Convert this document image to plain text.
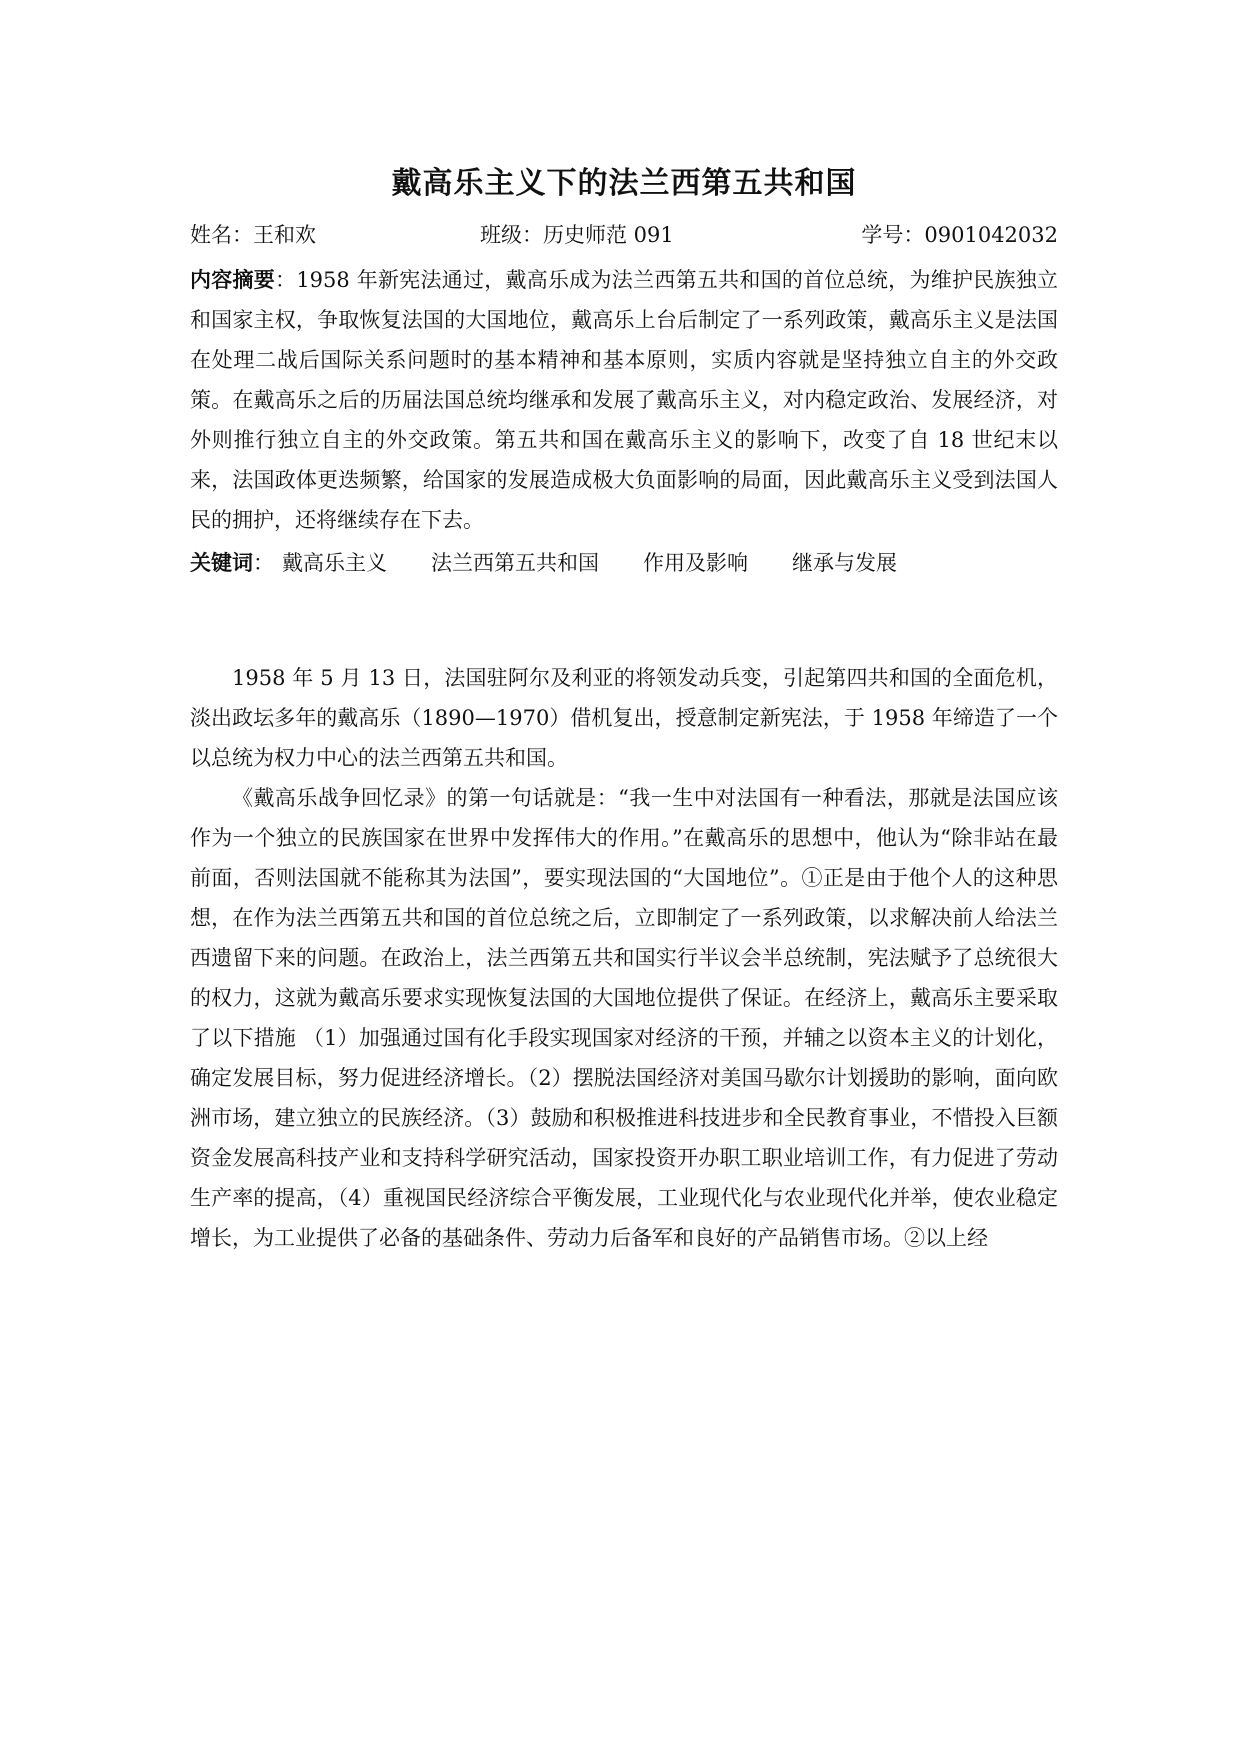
戴高乐主义下的法兰西第五共和国
姓名：王和欢	班级：历史师范 091	学号：0901042032

内容摘要：1958 年新宪法通过，戴高乐成为法兰西第五共和国的首位总统，为维护民族独立和国家主权，争取恢复法国的大国地位，戴高乐上台后制定了一系列政策，戴高乐主义是法国在处理二战后国际关系问题时的基本精神和基本原则，实质内容就是坚持独立自主的外交政策。在戴高乐之后的历届法国总统均继承和发展了戴高乐主义，对内稳定政治、发展经济，对外则推行独立自主的外交政策。第五共和国在戴高乐主义的影响下，改变了自 18 世纪末以来，法国政体更迭频繁，给国家的发展造成极大负面影响的局面，因此戴高乐主义受到法国人民的拥护，还将继续存在下去。

关键词： 戴高乐主义 法兰西第五共和国 作用及影响 继承与发展

1958 年 5 月 13 日，法国驻阿尔及利亚的将领发动兵变，引起第四共和国的全面危机，淡出政坛多年的戴高乐（1890—1970）借机复出，授意制定新宪法，于 1958 年缔造了一个以总统为权力中心的法兰西第五共和国。

《戴高乐战争回忆录》的第一句话就是：“我一生中对法国有一种看法，那就是法国应该作为一个独立的民族国家在世界中发挥伟大的作用。”在戴高乐的思想中，他认为“除非站在最前面，否则法国就不能称其为法国”，要实现法国的“大国地位”。①正是由于他个人的这种思想，在作为法兰西第五共和国的首位总统之后，立即制定了一系列政策，以求解决前人给法兰西遗留下来的问题。在政治上，法兰西第五共和国实行半议会半总统制，宪法赋予了总统很大的权力，这就为戴高乐要求实现恢复法国的大国地位提供了保证。在经济上，戴高乐主要采取了以下措施 （1）加强通过国有化手段实现国家对经济的干预，并辅之以资本主义的计划化，确定发展目标，努力促进经济增长。（2）摆脱法国经济对美国马歇尔计划援助的影响，面向欧洲市场，建立独立的民族经济。（3）鼓励和积极推进科技进步和全民教育事业，不惜投入巨额资金发展高科技产业和支持科学研究活动，国家投资开办职工职业培训工作，有力促进了劳动生产率的提高，（4）重视国民经济综合平衡发展，工业现代化与农业现代化并举，使农业稳定增长，为工业提供了必备的基础条件、劳动力后备军和良好的产品销售市场。②以上经
